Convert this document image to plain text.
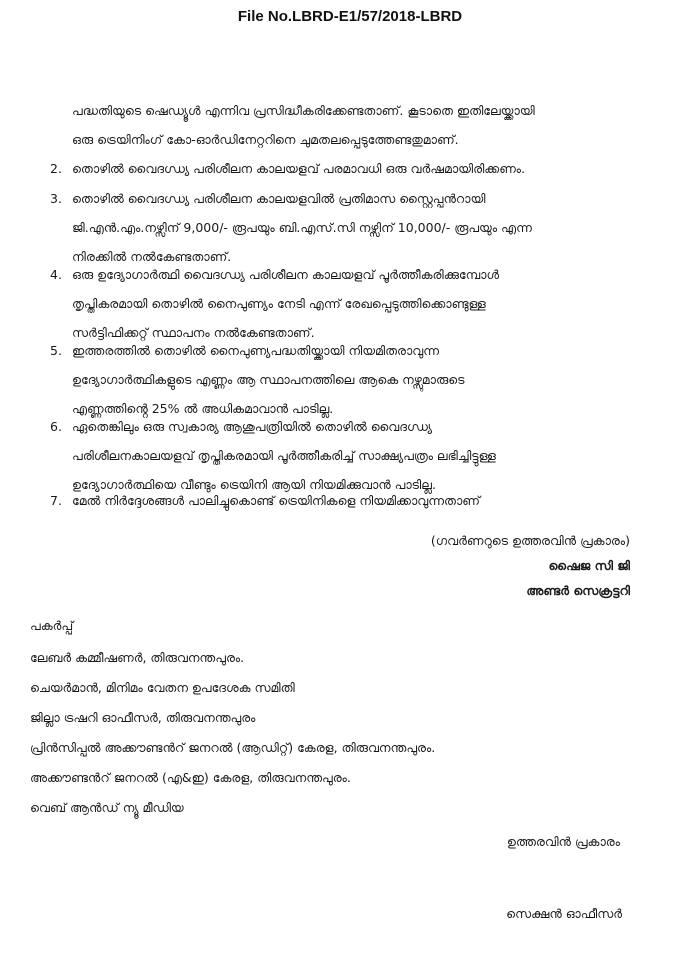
File No.LBRD-E1/57/2018-LBRD
പദ്ധതിയുടെ ഷെഡ്യൂൾ എന്നിവ പ്രസിദ്ധീകരിക്കേണ്ടതാണ്. കൂടാതെ ഇതിലേയ്ക്കായി
ഒരു ട്രെയിനിംഗ് കോ-ഓർഡിനേറ്ററിനെ ചുമതലപ്പെടുത്തേണ്ടതുമാണ്.
2. തൊഴിൽ വൈദഗ്ധ്യ പരിശീലന കാലയളവ് പരമാവധി ഒരു വർഷമായിരിക്കണം.
3. തൊഴിൽ വൈദഗ്ധ്യ പരിശീലന കാലയളവിൽ പ്രതിമാസ സ്റ്റൈപ്പൻറായി
ജി.എൻ.എം.നഴ്സിന് 9,000/- രൂപയും ബി.എസ്.സി നഴ്സിന് 10,000/- രൂപയും എന്ന
നിരക്കിൽ നൽകേണ്ടതാണ്.
4. ഒരു ഉദ്യോഗാർത്ഥി വൈദഗ്ധ്യ പരിശീലന കാലയളവ് പൂർത്തീകരിക്കുമ്പോൾ
തൃപ്തികരമായി തൊഴിൽ നൈപുണ്യം നേടി എന്ന് രേഖപ്പെടുത്തിക്കൊണ്ടുള്ള
സർട്ടിഫിക്കറ്റ് സ്ഥാപനം നൽകേണ്ടതാണ്.
5. ഇത്തരത്തിൽ തൊഴിൽ നൈപുണ്യപദ്ധതിയ്ക്കായി നിയമിതരാവുന്ന
ഉദ്യോഗാർത്ഥികളുടെ എണ്ണം ആ സ്ഥാപനത്തിലെ ആകെ നഴ്സുമാരുടെ
എണ്ണത്തിൻ്റെ 25% ൽ അധികമാവാൻ പാടില്ല.
6. ഏതെങ്കിലും ഒരു സ്വകാര്യ ആശുപത്രിയിൽ തൊഴിൽ വൈദഗ്ധ്യ
പരിശീലനകാലയളവ് തൃപ്തികരമായി പൂർത്തീകരിച്ച് സാക്ഷ്യപത്രം ലഭിച്ചിട്ടുള്ള
ഉദ്യോഗാർത്ഥിയെ വീണ്ടും ട്രെയിനി ആയി നിയമിക്കുവാൻ പാടില്ല.
7. മേൽ നിർദ്ദേശങ്ങൾ പാലിച്ചുകൊണ്ട് ട്രെയിനികളെ നിയമിക്കാവുന്നതാണ്
(ഗവർണറുടെ ഉത്തരവിൻ പ്രകാരം)
ഷൈജ സി ജി
അണ്ടർ സെക്രട്ടറി
പകർപ്പ്
ലേബർ കമ്മീഷണർ, തിരുവനന്തപുരം.
ചെയർമാൻ, മിനിമം വേതന ഉപദേശക സമിതി
ജില്ലാ ട്രഷറി ഓഫീസർ, തിരുവനന്തപുരം
പ്രിൻസിപ്പൽ അക്കൗണ്ടൻറ് ജനറൽ (ആഡിറ്റ്) കേരള, തിരുവനന്തപുരം.
അക്കൗണ്ടൻറ് ജനറൽ (എ&ഇ) കേരള, തിരുവനന്തപുരം.
വെബ് ആൻഡ് ന്യൂ മീഡിയ
ഉത്തരവിൻ പ്രകാരം
സെക്ഷൻ ഓഫീസർ
